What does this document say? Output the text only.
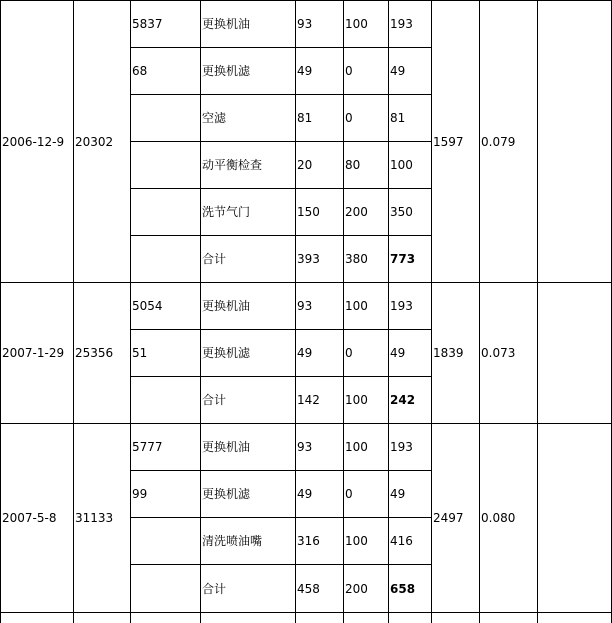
2006-12-9	20302	5837	更换机油	93	100	193	1597	0.079	
		68	更换机滤	49	0	49			
			空滤	81	0	81			
			动平衡检查	20	80	100			
			洗节气门	150	200	350			
			合计	393	380	773			
2007-1-29	25356	5054	更换机油	93	100	193	1839	0.073	
		51	更换机滤	49	0	49			
			合计	142	100	242			
2007-5-8	31133	5777	更换机油	93	100	193	2497	0.080	
		99	更换机滤	49	0	49			
			清洗喷油嘴	316	100	416			
			合计	458	200	658			
